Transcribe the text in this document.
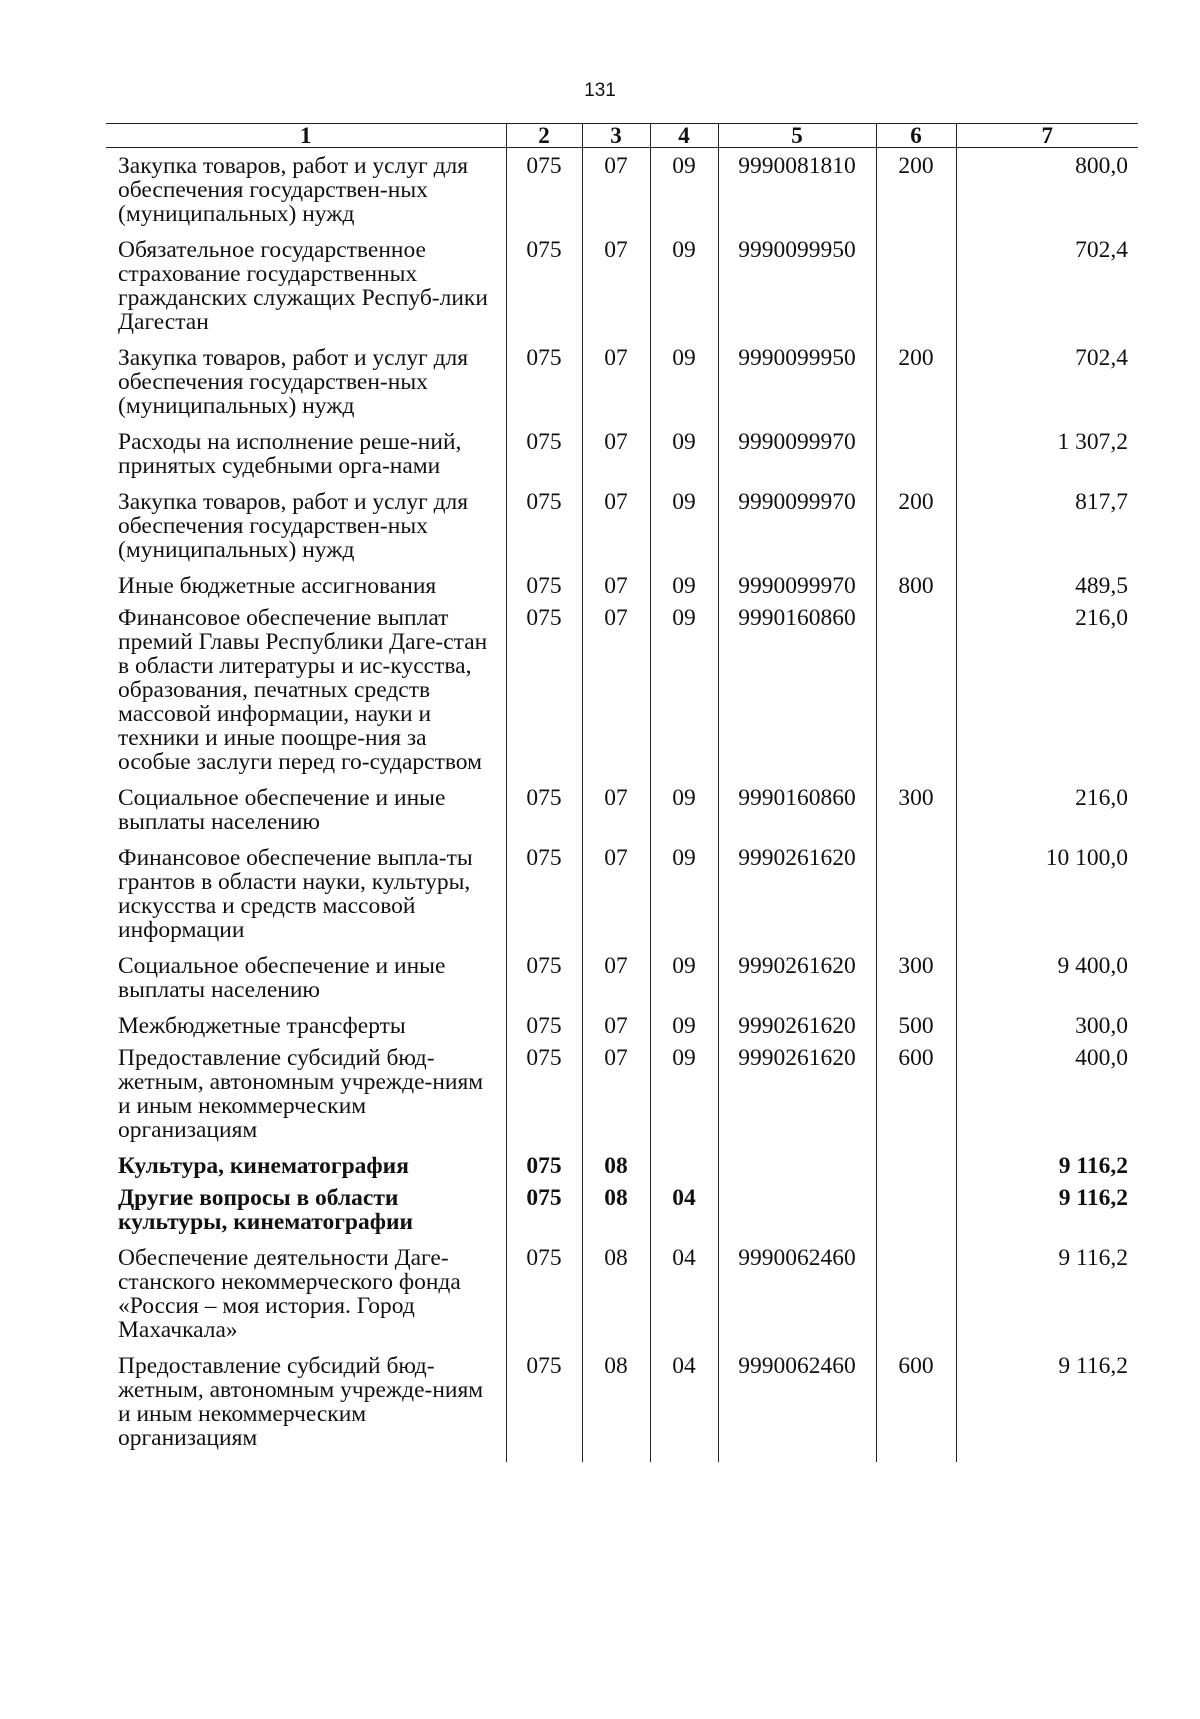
131
1	2	3	4	5	6	7
Закупка товаров, работ и услуг для обеспечения государствен-ных (муниципальных) нужд	075	07	09	9990081810	200	800,0
Обязательное государственное страхование государственных гражданских служащих Респуб-лики Дагестан	075	07	09	9990099950		702,4
Закупка товаров, работ и услуг для обеспечения государствен-ных (муниципальных) нужд	075	07	09	9990099950	200	702,4
Расходы на исполнение реше-ний, принятых судебными орга-нами	075	07	09	9990099970		1 307,2
Закупка товаров, работ и услуг для обеспечения государствен-ных (муниципальных) нужд	075	07	09	9990099970	200	817,7
Иные бюджетные ассигнования	075	07	09	9990099970	800	489,5
Финансовое обеспечение выплат премий Главы Республики Даге-стан в области литературы и ис-кусства, образования, печатных средств массовой информации, науки и техники и иные поощре-ния за особые заслуги перед го-сударством	075	07	09	9990160860		216,0
Социальное обеспечение и иные выплаты населению	075	07	09	9990160860	300	216,0
Финансовое обеспечение выпла-ты грантов в области науки, культуры, искусства и средств массовой информации	075	07	09	9990261620		10 100,0
Социальное обеспечение и иные выплаты населению	075	07	09	9990261620	300	9 400,0
Межбюджетные трансферты	075	07	09	9990261620	500	300,0
Предоставление субсидий бюд-жетным, автономным учрежде-ниям и иным некоммерческим организациям	075	07	09	9990261620	600	400,0
Культура, кинематография	075	08				9 116,2
Другие вопросы в области культуры, кинематографии	075	08	04			9 116,2
Обеспечение деятельности Даге-станского некоммерческого фонда «Россия – моя история. Город Махачкала»	075	08	04	9990062460		9 116,2
Предоставление субсидий бюд-жетным, автономным учрежде-ниям и иным некоммерческим организациям	075	08	04	9990062460	600	9 116,2
